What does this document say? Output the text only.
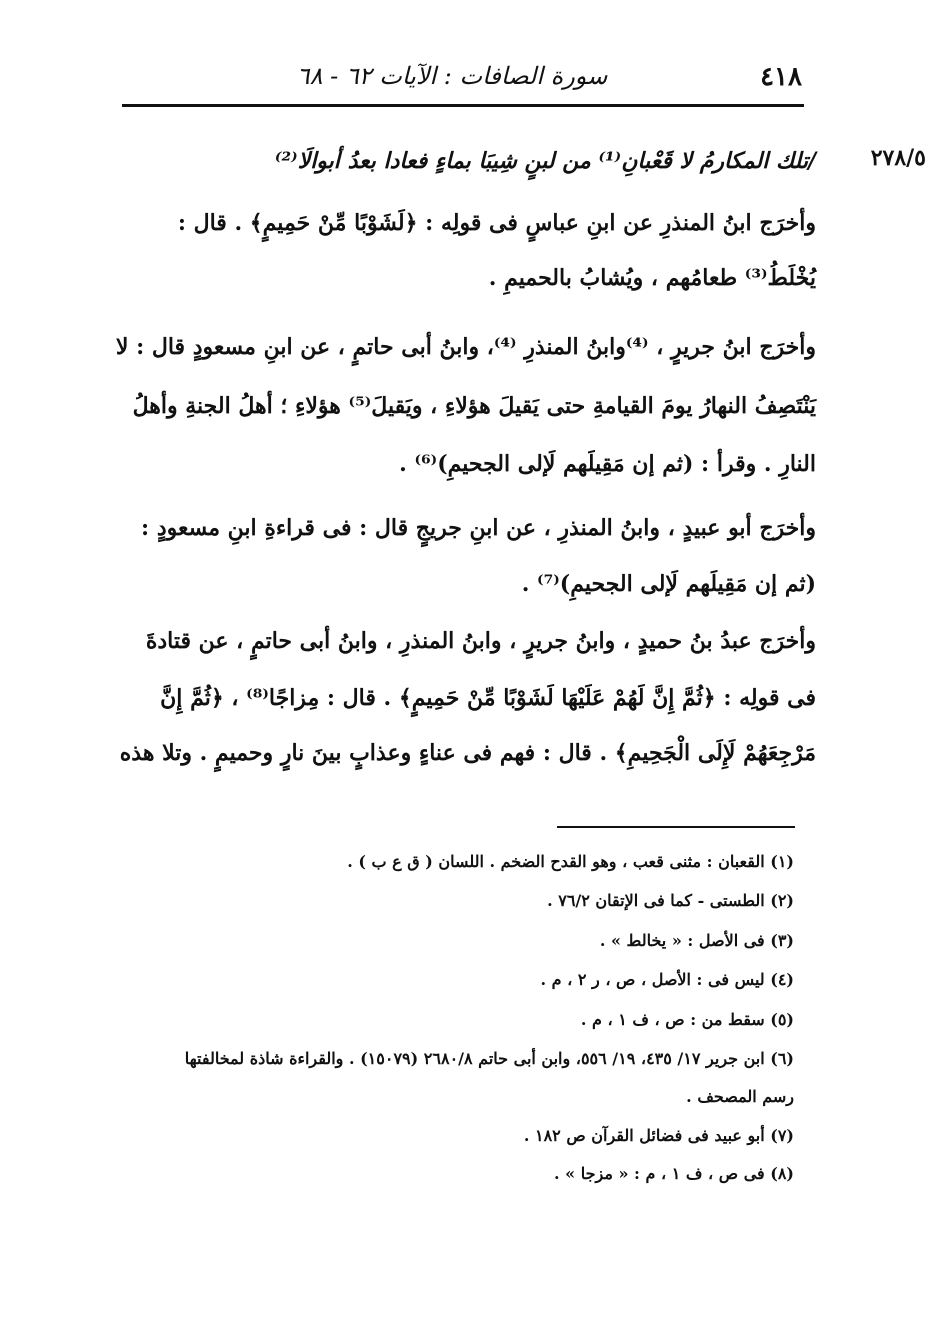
٤١٨
سورة الصافات : الآيات ٦٢ - ٦٨
٢٧٨/٥
/تلك المكارمُ لا قَعْبانِ⁽¹⁾ من لبنٍ شِيبَا بماءٍ فعادا بعدُ أبوالَا⁽²⁾
وأخرَج ابنُ المنذرِ عن ابنِ عباسٍ فى قولِه : ﴿لَشَوْبًا مِّنْ حَمِيمٍ﴾ . قال :
يُخْلَطُ⁽³⁾ طعامُهم ، ويُشابُ بالحميمِ .
وأخرَج ابنُ جريرٍ ، ⁽⁴⁾وابنُ المنذرِ ⁽⁴⁾، وابنُ أبى حاتمٍ ، عن ابنِ مسعودٍ قال : لا
يَنْتَصِفُ النهارُ يومَ القيامةِ حتى يَقيلَ هؤلاءِ ، ويَقيلَ⁽⁵⁾ هؤلاءِ ؛ أهلُ الجنةِ وأهلُ
النارِ . وقرأ : (ثم إن مَقِيلَهم لَإلى الجحيمِ)⁽⁶⁾ .
وأخرَج أبو عبيدٍ ، وابنُ المنذرِ ، عن ابنِ جريجٍ قال : فى قراءةِ ابنِ مسعودٍ :
(ثم إن مَقِيلَهم لَإلى الجحيمِ)⁽⁷⁾ .
وأخرَج عبدُ بنُ حميدٍ ، وابنُ جريرٍ ، وابنُ المنذرِ ، وابنُ أبى حاتمٍ ، عن قتادةَ
فى قولِه : ﴿ثُمَّ إِنَّ لَهُمْ عَلَيْهَا لَشَوْبًا مِّنْ حَمِيمٍ﴾ . قال : مِزاجًا⁽⁸⁾ ، ﴿ثُمَّ إِنَّ
مَرْجِعَهُمْ لَإِلَى الْجَحِيمِ﴾ . قال : فهم فى عناءٍ وعذابٍ بينَ نارٍ وحميمٍ . وتلا هذه
(١) القعبان : مثنى قعب ، وهو القدح الضخم . اللسان ( ق ع ب ) .
(٢) الطستى - كما فى الإتقان ٧٦/٢ .
(٣) فى الأصل : « يخالط » .
(٤) ليس فى : الأصل ، ص ، ر ٢ ، م .
(٥) سقط من : ص ، ف ١ ، م .
(٦) ابن جرير ١٧/ ٤٣٥، ١٩/ ٥٥٦، وابن أبى حاتم ٢٦٨٠/٨ (١٥٠٧٩) . والقراءة شاذة لمخالفتها
رسم المصحف .
(٧) أبو عبيد فى فضائل القرآن ص ١٨٢ .
(٨) فى ص ، ف ١ ، م : « مزجا » .
